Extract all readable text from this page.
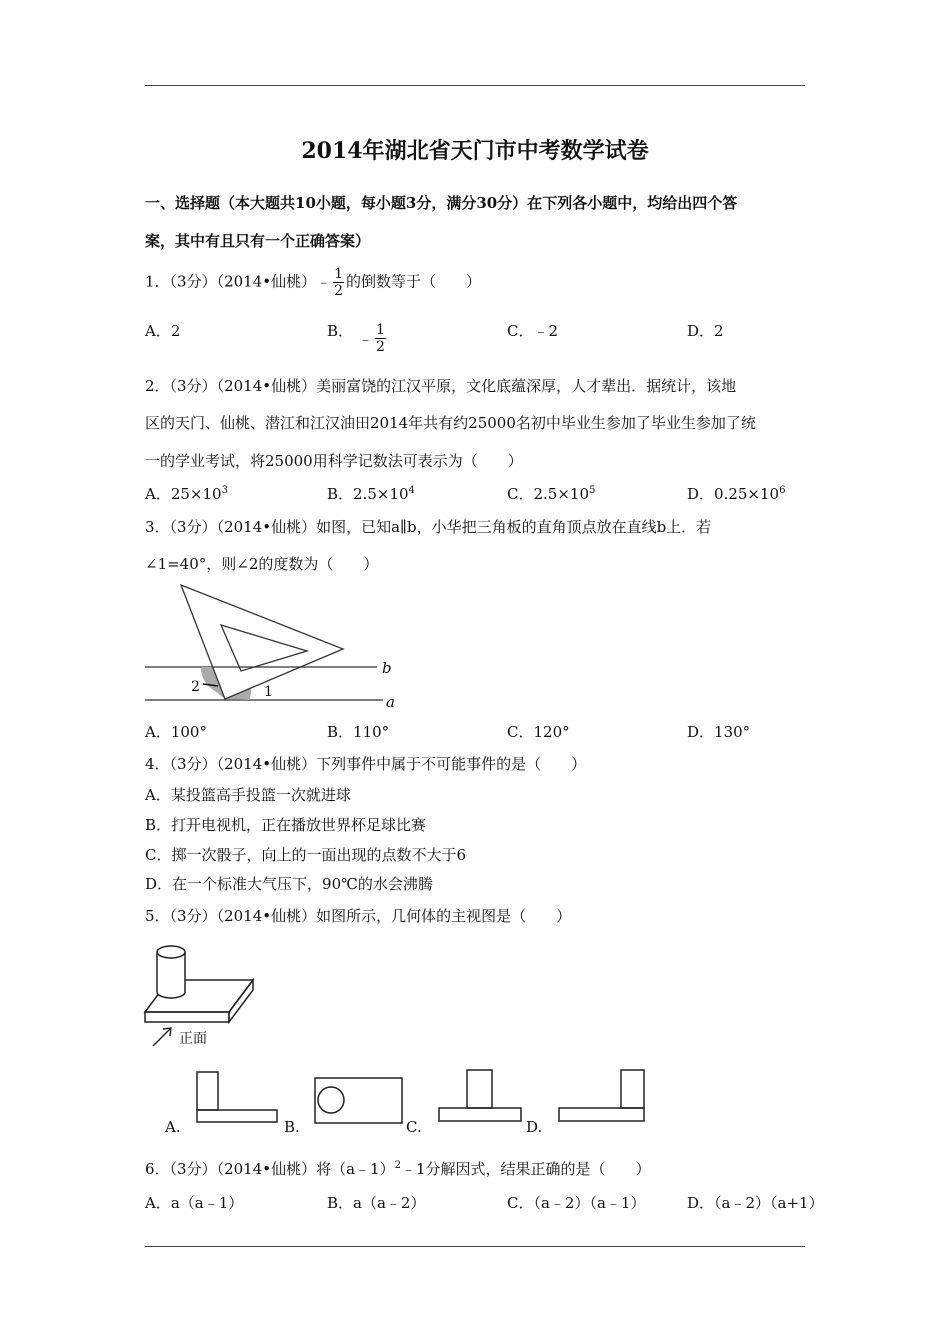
2014年湖北省天门市中考数学试卷
一、选择题（本大题共10小题，每小题3分，满分30分）在下列各小题中，均给出四个答
案，其中有且只有一个正确答案）
1．（3分）（2014•仙桃）﹣ $\frac{1}{2}$ 的倒数等于（　　）
A．2	B． ﹣ $\frac{1}{2}$	C．﹣2	D．2
2．（3分）（2014•仙桃）美丽富饶的江汉平原，文化底蕴深厚，人才辈出．据统计，该地
区的天门、仙桃、潜江和江汉油田2014年共有约25000名初中毕业生参加了毕业生参加了统
一的学业考试，将25000用科学记数法可表示为（　　）
A．$25\times 10^3$	B．$2.5\times 10^4$	C．$2.5\times 10^5$	D．$0.25\times 10^6$
3．（3分）（2014•仙桃）如图，已知a∥b，小华把三角板的直角顶点放在直线b上．若
∠1=40°，则∠2的度数为（　　）
b
a
1
2
A．100°	B．110°	C．120°	D．130°
4．（3分）（2014•仙桃）下列事件中属于不可能事件的是（　　）
A．某投篮高手投篮一次就进球
B．打开电视机，正在播放世界杯足球比赛
C．掷一次骰子，向上的一面出现的点数不大于6
D．在一个标准大气压下，90℃的水会沸腾
5．（3分）（2014•仙桃）如图所示，几何体的主视图是（　　）
正面
A.	B.	C.	D.
6．（3分）（2014•仙桃）将（a﹣1）$^2$﹣1分解因式，结果正确的是（　　）
A．a（a﹣1）	B．a（a﹣2）	C．（a﹣2）（a﹣1）	D．（a﹣2）（a+1）
